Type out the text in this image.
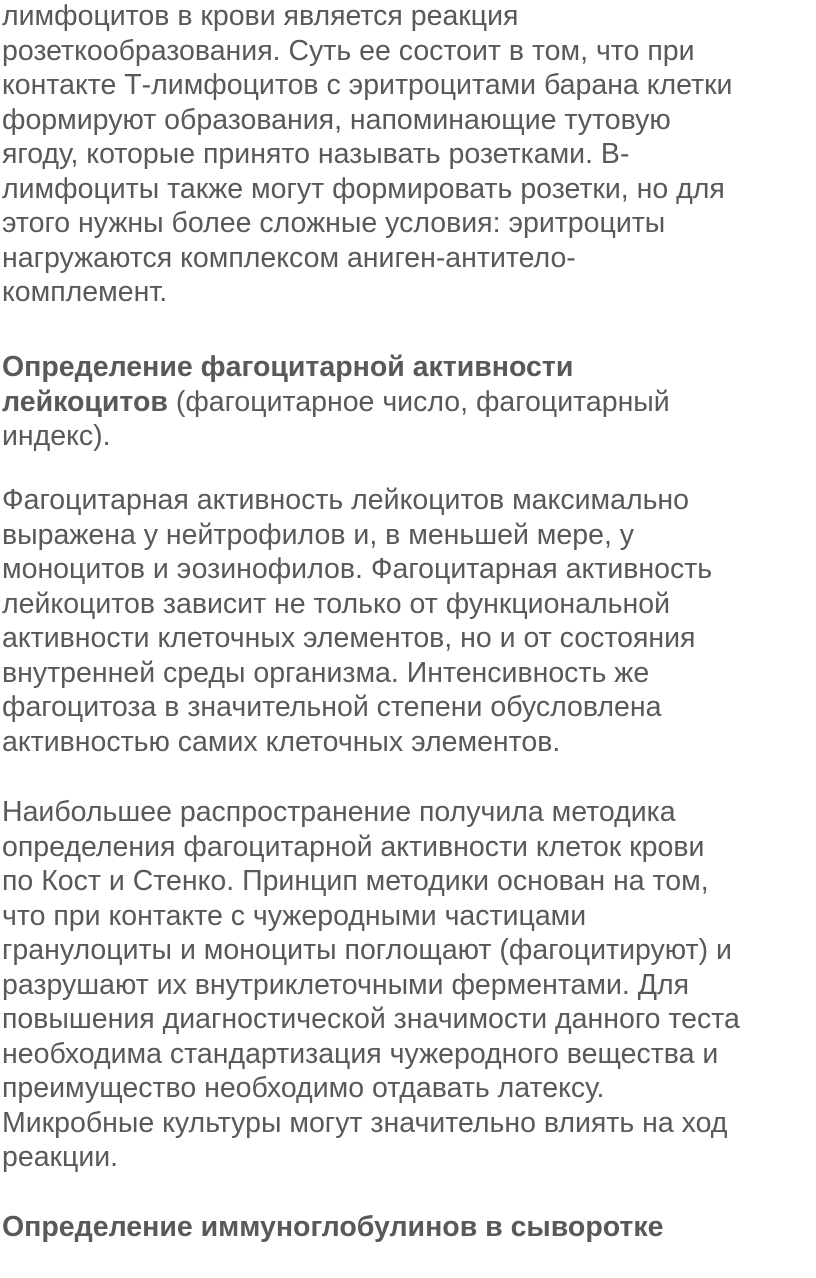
лимфоцитов в крови является реакция
розеткообразования. Суть ее состоит в том, что при
контакте Т-лимфоцитов с эритроцитами барана клетки
формируют образования, напоминающие тутовую
ягоду, которые принято называть розетками. В-
лимфоциты также могут формировать розетки, но для
этого нужны более сложные условия: эритроциты
нагружаются комплексом аниген-антитело-
комплемент.

Определение фагоцитарной активности
лейкоцитов (фагоцитарное число, фагоцитарный
индекс).

Фагоцитарная активность лейкоцитов максимально
выражена у нейтрофилов и, в меньшей мере, у
моноцитов и эозинофилов. Фагоцитарная активность
лейкоцитов зависит не только от функциональной
активности клеточных элементов, но и от состояния
внутренней среды организма. Интенсивность же
фагоцитоза в значительной степени обусловлена
активностью самих клеточных элементов.

Наибольшее распространение получила методика
определения фагоцитарной активности клеток крови
по Кост и Стенко. Принцип методики основан на том,
что при контакте с чужеродными частицами
гранулоциты и моноциты поглощают (фагоцитируют) и
разрушают их внутриклеточными ферментами. Для
повышения диагностической значимости данного теста
необходима стандартизация чужеродного вещества и
преимущество необходимо отдавать латексу.
Микробные культуры могут значительно влиять на ход
реакции.

Определение иммуноглобулинов в сыворотке
